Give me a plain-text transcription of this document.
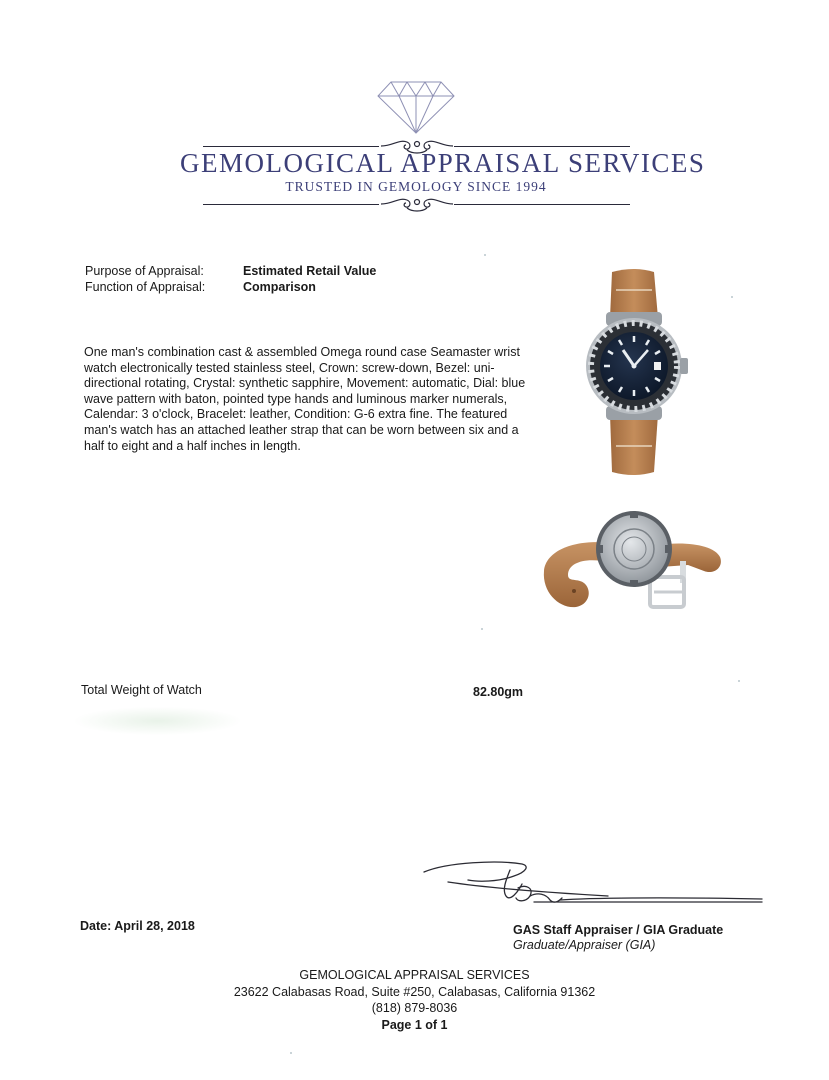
GEMOLOGICAL APPRAISAL SERVICES
TRUSTED IN GEMOLOGY SINCE 1994
Purpose of Appraisal:	Estimated Retail Value
Function of Appraisal:	Comparison
One man's combination cast & assembled Omega round case Seamaster wrist watch electronically tested stainless steel, Crown: screw-down, Bezel: uni-directional rotating, Crystal: synthetic sapphire, Movement: automatic, Dial: blue wave pattern with baton, pointed type hands and luminous marker numerals, Calendar: 3 o'clock, Bracelet: leather, Condition: G-6 extra fine. The featured man's watch has an attached leather strap that can be worn between six and a half to eight and a half inches in length.
Total Weight of Watch	82.80gm
Date: April 28, 2018	GAS Staff Appraiser / GIA Graduate
Graduate/Appraiser (GIA)
GEMOLOGICAL APPRAISAL SERVICES
23622 Calabasas Road, Suite #250, Calabasas, California 91362
(818) 879-8036
Page 1 of 1
